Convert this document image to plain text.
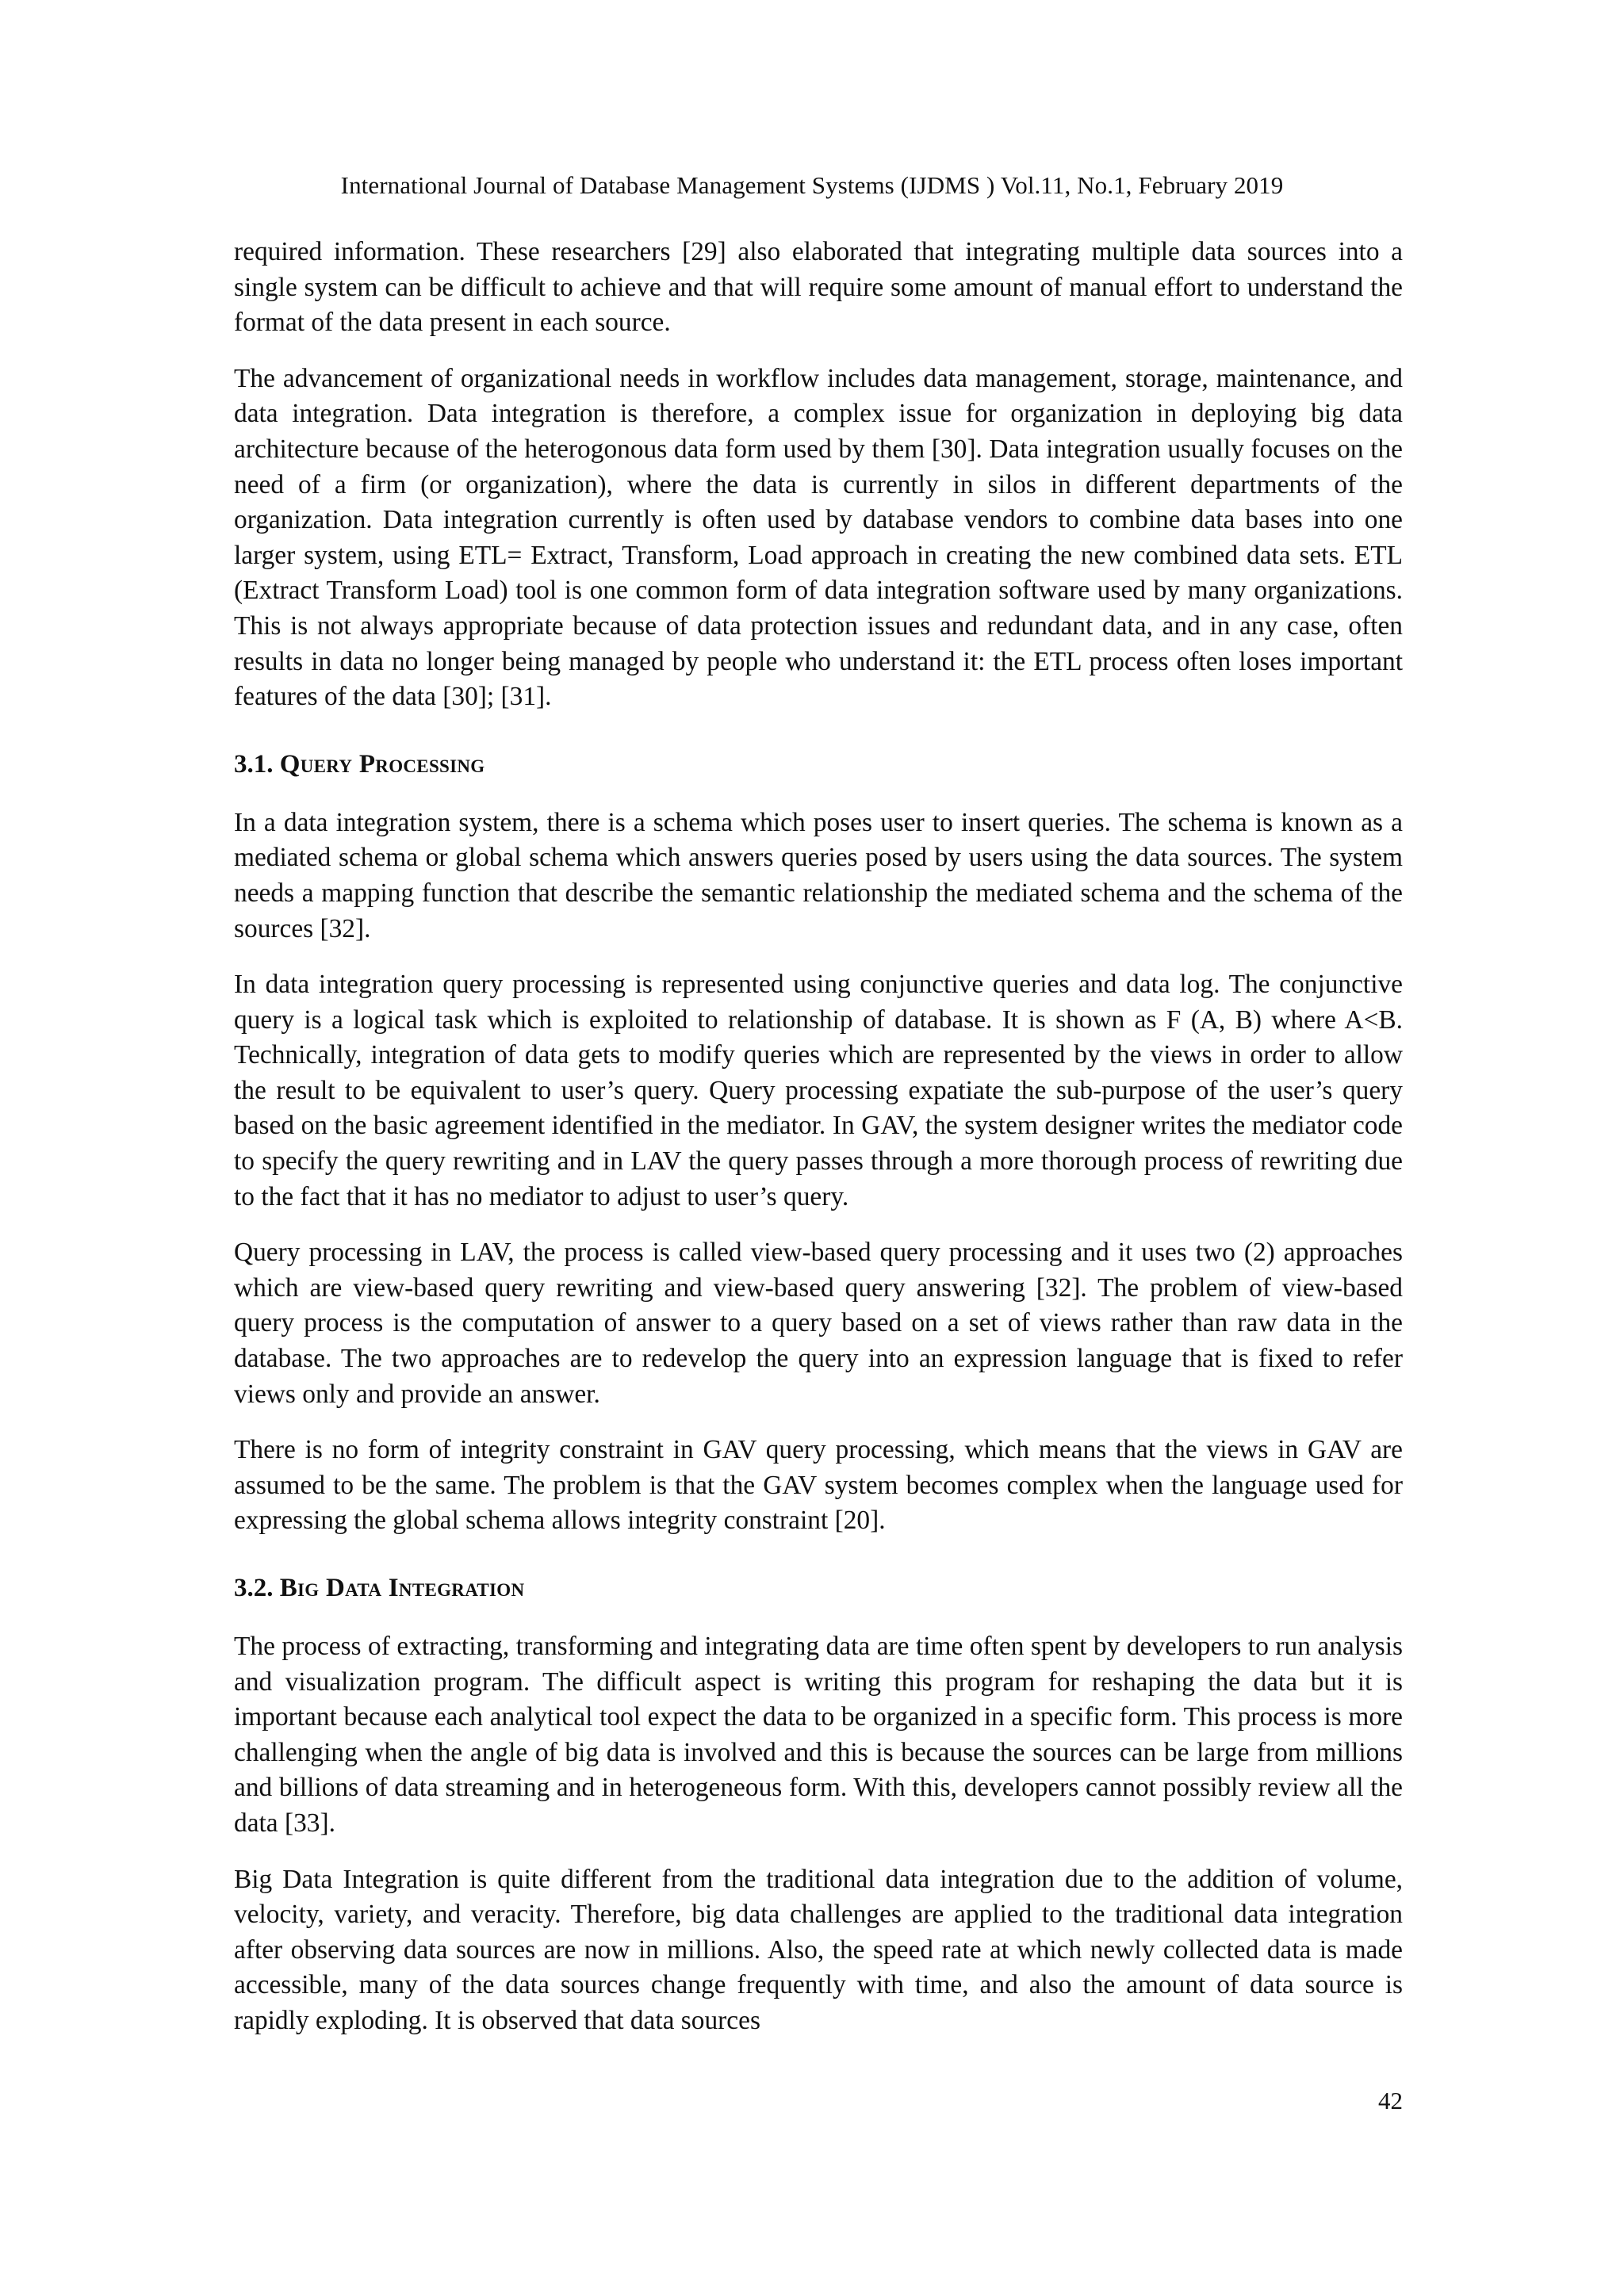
International Journal of Database Management Systems (IJDMS ) Vol.11, No.1, February 2019

required information. These researchers [29] also elaborated that integrating multiple data sources into a single system can be difficult to achieve and that will require some amount of manual effort to understand the format of the data present in each source.

The advancement of organizational needs in workflow includes data management, storage, maintenance, and data integration. Data integration is therefore, a complex issue for organization in deploying big data architecture because of the heterogonous data form used by them [30]. Data integration usually focuses on the need of a firm (or organization), where the data is currently in silos in different departments of the organization. Data integration currently is often used by database vendors to combine data bases into one larger system, using ETL= Extract, Transform, Load approach in creating the new combined data sets. ETL (Extract Transform Load) tool is one common form of data integration software used by many organizations. This is not always appropriate because of data protection issues and redundant data, and in any case, often results in data no longer being managed by people who understand it: the ETL process often loses important features of the data [30]; [31].

3.1. Query Processing

In a data integration system, there is a schema which poses user to insert queries. The schema is known as a mediated schema or global schema which answers queries posed by users using the data sources. The system needs a mapping function that describe the semantic relationship the mediated schema and the schema of the sources [32].

In data integration query processing is represented using conjunctive queries and data log. The conjunctive query is a logical task which is exploited to relationship of database. It is shown as F (A, B) where A<B. Technically, integration of data gets to modify queries which are represented by the views in order to allow the result to be equivalent to user’s query. Query processing expatiate the sub-purpose of the user’s query based on the basic agreement identified in the mediator. In GAV, the system designer writes the mediator code to specify the query rewriting and in LAV the query passes through a more thorough process of rewriting due to the fact that it has no mediator to adjust to user’s query.

Query processing in LAV, the process is called view-based query processing and it uses two (2) approaches which are view-based query rewriting and view-based query answering [32]. The problem of view-based query process is the computation of answer to a query based on a set of views rather than raw data in the database. The two approaches are to redevelop the query into an expression language that is fixed to refer views only and provide an answer.

There is no form of integrity constraint in GAV query processing, which means that the views in GAV are assumed to be the same. The problem is that the GAV system becomes complex when the language used for expressing the global schema allows integrity constraint [20].

3.2. Big Data Integration

The process of extracting, transforming and integrating data are time often spent by developers to run analysis and visualization program. The difficult aspect is writing this program for reshaping the data but it is important because each analytical tool expect the data to be organized in a specific form. This process is more challenging when the angle of big data is involved and this is because the sources can be large from millions and billions of data streaming and in heterogeneous form. With this, developers cannot possibly review all the data [33].

Big Data Integration is quite different from the traditional data integration due to the addition of volume, velocity, variety, and veracity. Therefore, big data challenges are applied to the traditional data integration after observing data sources are now in millions. Also, the speed rate at which newly collected data is made accessible, many of the data sources change frequently with time, and also the amount of data source is rapidly exploding. It is observed that data sources

42
